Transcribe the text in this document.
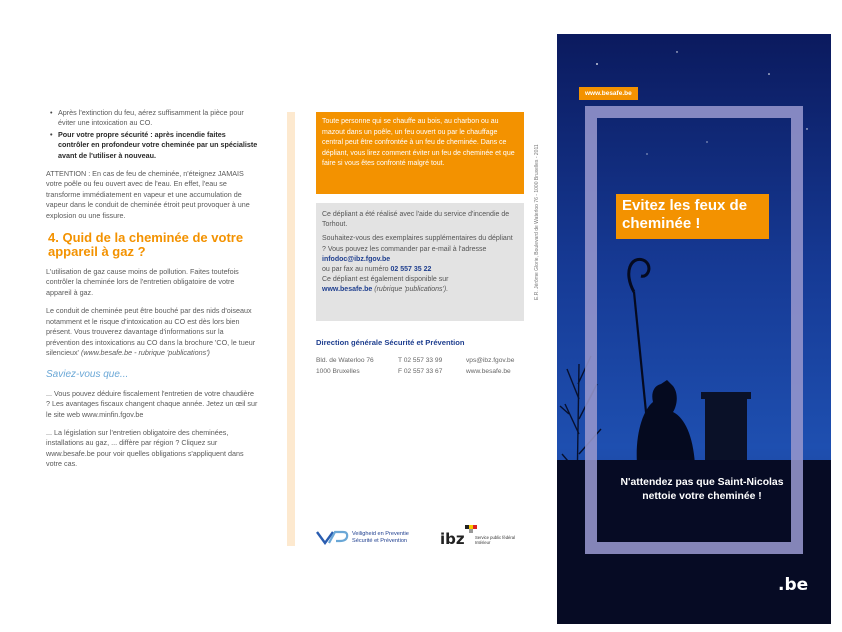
• Après l'extinction du feu, aérez suffisamment la pièce pour éviter une intoxication au CO.
• Pour votre propre sécurité : après incendie faites contrôler en profondeur votre cheminée par un spécialiste avant de l'utiliser à nouveau.

ATTENTION : En cas de feu de cheminée, n'éteignez JAMAIS votre poêle ou feu ouvert avec de l'eau. En effet, l'eau se transforme immédiatement en vapeur et une accumulation de vapeur dans le conduit de cheminée étroit peut provoquer à une explosion ou une fissure.

4. Quid de la cheminée de votre appareil à gaz ?

L'utilisation de gaz cause moins de pollution. Faites toutefois contrôler la cheminée lors de l'entretien obligatoire de votre appareil à gaz.

Le conduit de cheminée peut être bouché par des nids d'oiseaux notamment et le risque d'intoxication au CO est dès lors bien présent. Vous trouverez davantage d'informations sur la prévention des intoxications au CO dans la brochure 'CO, le tueur silencieux' (www.besafe.be - rubrique 'publications')

Saviez-vous que...

... Vous pouvez déduire fiscalement l'entretien de votre chaudière ? Les avantages fiscaux changent chaque année. Jetez un œil sur le site web www.minfin.fgov.be

... La législation sur l'entretien obligatoire des cheminées, installations au gaz, ... diffère par région ? Cliquez sur www.besafe.be pour voir quelles obligations s'appliquent dans votre cas.

Toute personne qui se chauffe au bois, au charbon ou au mazout dans un poêle, un feu ouvert ou par le chauffage central peut être confrontée à un feu de cheminée. Dans ce dépliant, vous lirez comment éviter un feu de cheminée et que faire si vous êtes confronté malgré tout.

Ce dépliant a été réalisé avec l'aide du service d'incendie de Torhout.

Souhaitez-vous des exemplaires supplémentaires du dépliant ? Vous pouvez les commander par e-mail à l'adresse infodoc@ibz.fgov.be
ou par fax au numéro 02 557 35 22
Ce dépliant est également disponible sur
www.besafe.be (rubrique 'publications').

Direction générale Sécurité et Prévention
Bld. de Waterloo 76
1000 Bruxelles
T 02 557 33 99
F 02 557 33 67
vps@ibz.fgov.be
www.besafe.be
E.R. Jérôme Glorie, Boulevard de Waterloo 76 - 1000 Bruxelles - 2011
Veiligheid en Preventie
Sécurité et Prévention ibz Service public fédéral
Intérieur
www.besafe.be
Evitez les feux de cheminée !
N'attendez pas que Saint-Nicolas nettoie votre cheminée !
.be
